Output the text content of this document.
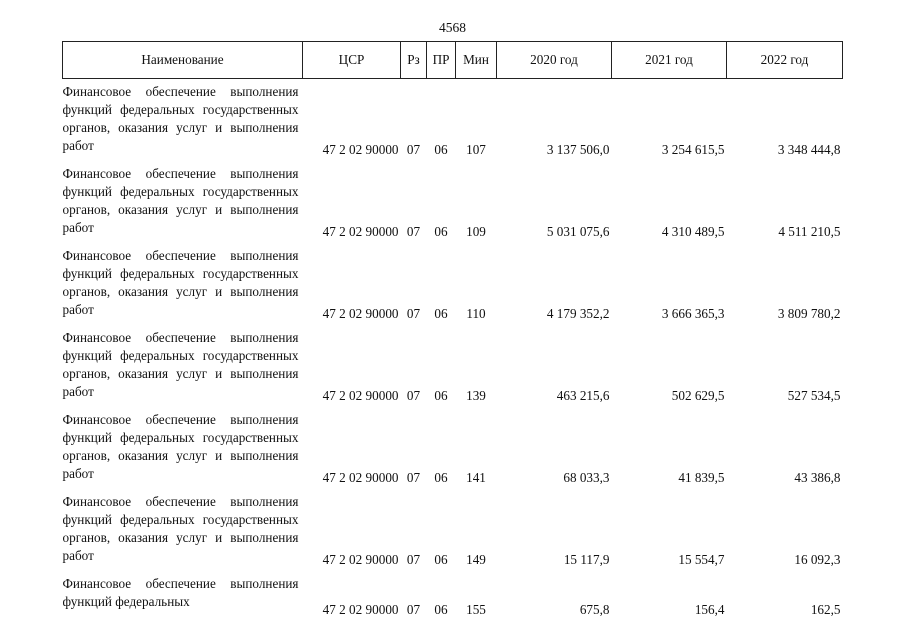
4568
Наименование	ЦСР	Рз	ПР	Мин	2020 год	2021 год	2022 год

Финансовое обеспечение выполнения функций федеральных государственных органов, оказания услуг и выполнения работ	47 2 02 90000	07	06	107	3 137 506,0	3 254 615,5	3 348 444,8

Финансовое обеспечение выполнения функций федеральных государственных органов, оказания услуг и выполнения работ	47 2 02 90000	07	06	109	5 031 075,6	4 310 489,5	4 511 210,5

Финансовое обеспечение выполнения функций федеральных государственных органов, оказания услуг и выполнения работ	47 2 02 90000	07	06	110	4 179 352,2	3 666 365,3	3 809 780,2

Финансовое обеспечение выполнения функций федеральных государственных органов, оказания услуг и выполнения работ	47 2 02 90000	07	06	139	463 215,6	502 629,5	527 534,5

Финансовое обеспечение выполнения функций федеральных государственных органов, оказания услуг и выполнения работ	47 2 02 90000	07	06	141	68 033,3	41 839,5	43 386,8

Финансовое обеспечение выполнения функций федеральных государственных органов, оказания услуг и выполнения работ	47 2 02 90000	07	06	149	15 117,9	15 554,7	16 092,3

Финансовое обеспечение выполнения функций федеральных	47 2 02 90000	07	06	155	675,8	156,4	162,5
